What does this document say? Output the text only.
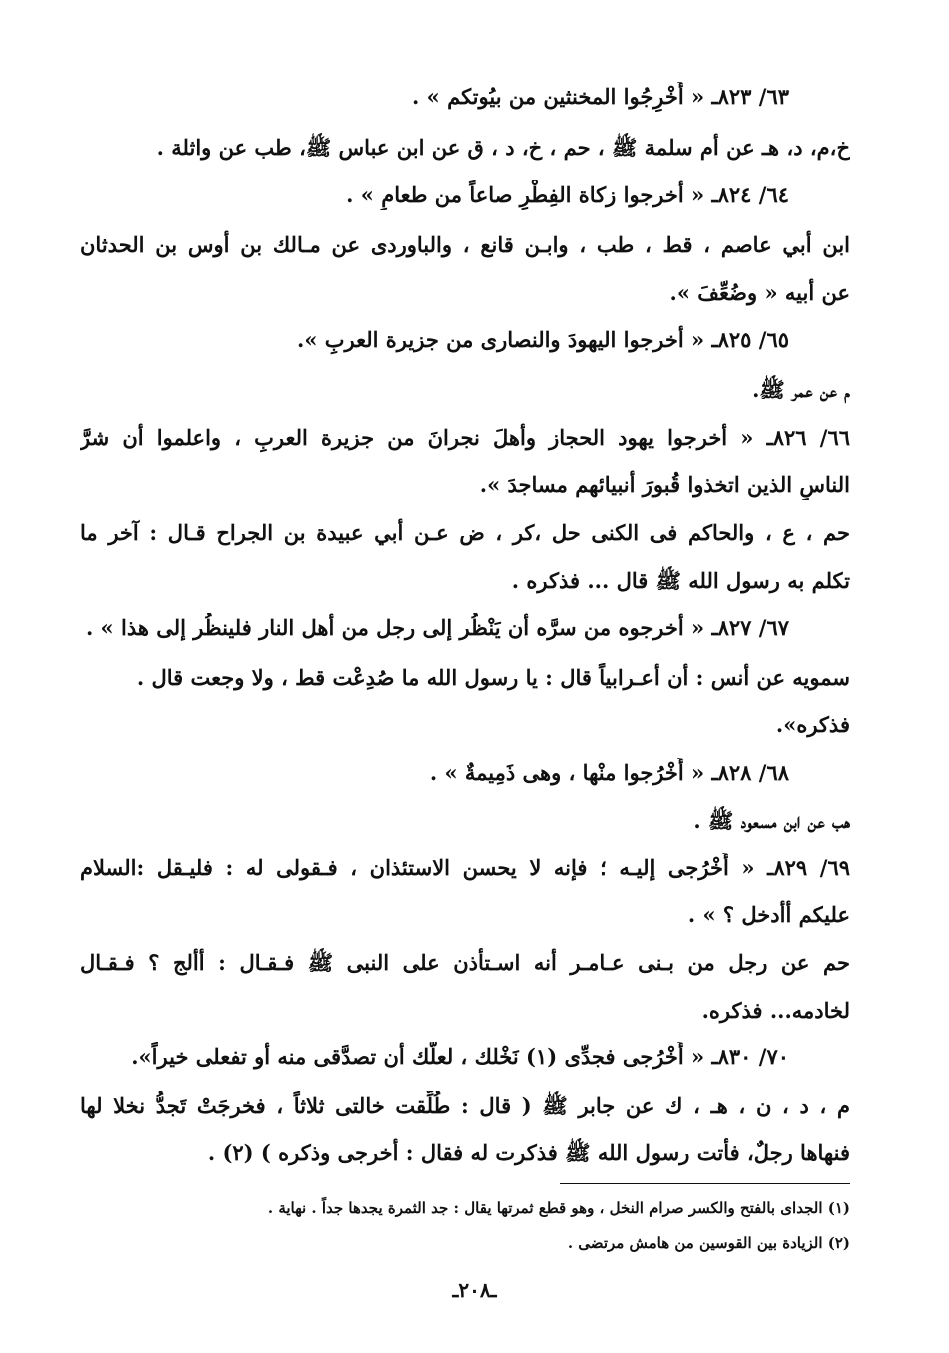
٦٣/ ٨٢٣ـ « أَخْرِجُوا المخنثين من بيُوتكم » .
خ،م، د، هـ عن أم سلمة ﷺ ، حم ، خ، د ، ق عن ابن عباس ﷺ، طب عن واثلة .
٦٤/ ٨٢٤ـ « أخرجوا زكاة الفِطْرِ صاعاً من طعامٍ » .
ابن أبي عاصم ، قط ، طب ، وابـن قانع ، والباوردى عن مـالك بن أوس بن الحدثان
عن أبيه « وضُعِّفَ ».
٦٥/ ٨٢٥ـ « أخرجوا اليهودَ والنصارى من جزيرة العربِ ».
م عن عمر ﷺ.
٦٦/ ٨٢٦ـ « أخرجوا يهود الحجاز وأهلَ نجرانَ من جزيرة العربِ ، واعلموا أن شرَّ
الناسِ الذين اتخذوا قُبورَ أنبيائهم مساجدَ ».
حم ، ع ، والحاكم فى الكنى حل ،كر ، ض عـن أبي عبيدة بن الجراح قـال : آخر ما
تكلم به رسول الله ﷺ قال ... فذكره .
٦٧/ ٨٢٧ـ « أخرجوه من سرَّه أن يَنْظُر إلى رجل من أهل النار فلينظُر إلى هذا » .
سمويه عن أنس : أن أعـرابياً قال : يا رسول الله ما صُدِعْت قط ، ولا وجعت قال .
فذكره».
٦٨/ ٨٢٨ـ « أُخْرُجوا منْها ، وهى ذَمِيمةٌ » .
هب عن ابن مسعود ﷺ .
٦٩/ ٨٢٩ـ « أُخْرُجى إليـه ؛ فإنه لا يحسن الاستئذان ، فـقولى له : فليـقل :السلام
عليكم أأدخل ؟ » .
حم عن رجل من بـنى عـامـر أنه اسـتأذن على النبى ﷺ فـقـال : أألج ؟ فـقـال
لخادمه... فذكره.
٧٠/ ٨٣٠ـ « أُخْرُجى فجدِّى (١) نَخْلك ، لعلَّك أن تصدَّقى منه أو تفعلى خيراً».
م ، د ، ن ، هـ ، ك عن جابر ﷺ ( قال : طُلِّقت خالتى ثلاثاً ، فخرجَتْ تَجدُّ نخلا لها
فنهاها رجلٌ، فأتت رسول الله ﷺ فذكرت له فقال : أخرجى وذكره ) (٢) .
(١) الجداى بالفتح والكسر صرام النخل ، وهو قطع ثمرتها يقال : جد الثمرة يجدها جداً . نهاية .
(٢) الزيادة بين القوسين من هامش مرتضى .
ـ٢٠٨ـ
